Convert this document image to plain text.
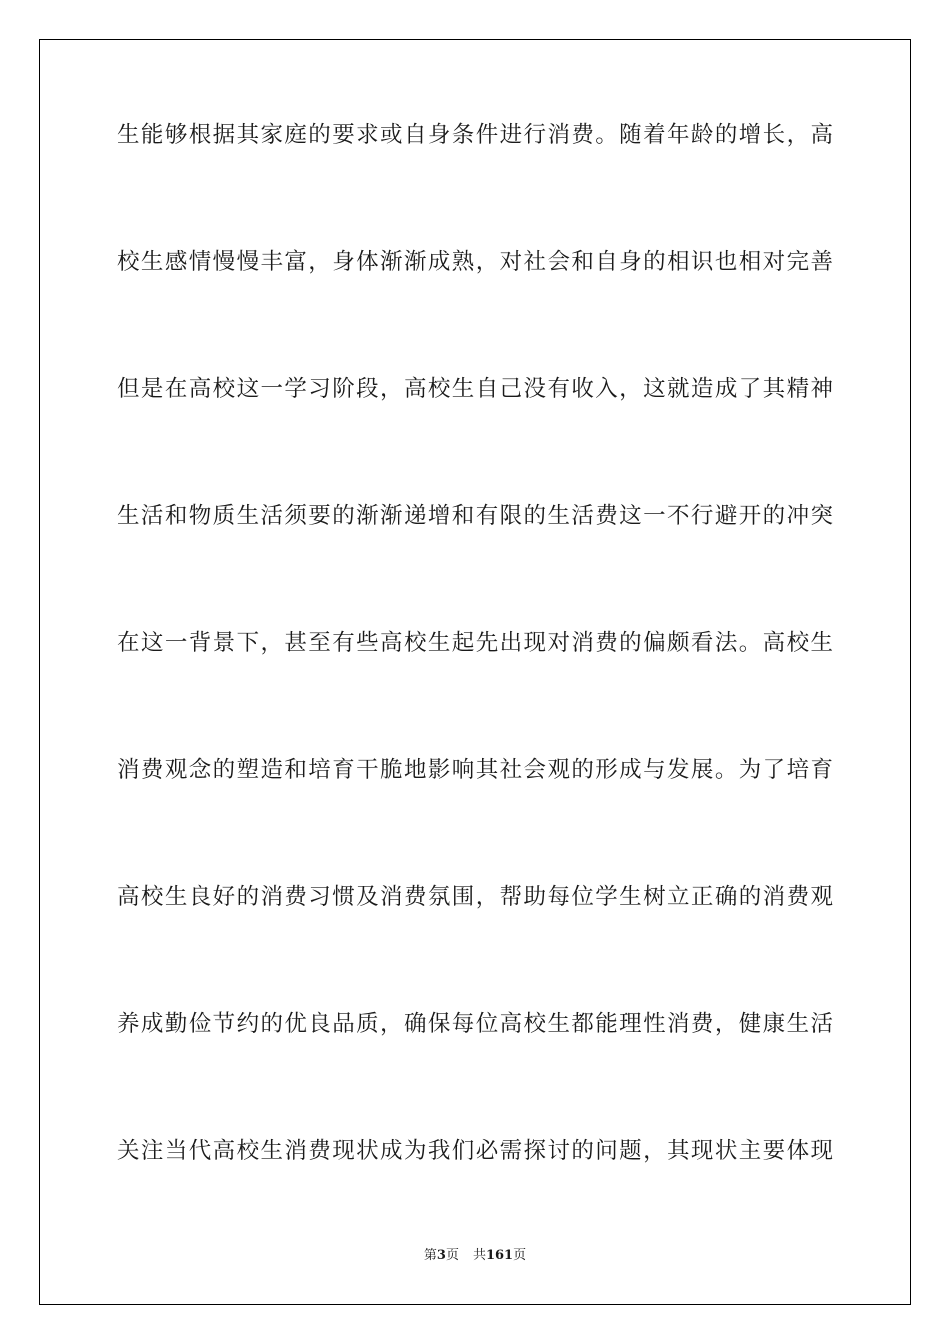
生能够根据其家庭的要求或自身条件进行消费。随着年龄的增长，高
校生感情慢慢丰富，身体渐渐成熟，对社会和自身的相识也相对完善
但是在高校这一学习阶段，高校生自己没有收入，这就造成了其精神
生活和物质生活须要的渐渐递增和有限的生活费这一不行避开的冲突
在这一背景下，甚至有些高校生起先出现对消费的偏颇看法。高校生
消费观念的塑造和培育干脆地影响其社会观的形成与发展。为了培育
高校生良好的消费习惯及消费氛围，帮助每位学生树立正确的消费观
养成勤俭节约的优良品质，确保每位高校生都能理性消费，健康生活
关注当代高校生消费现状成为我们必需探讨的问题，其现状主要体现
第3页 共161页
